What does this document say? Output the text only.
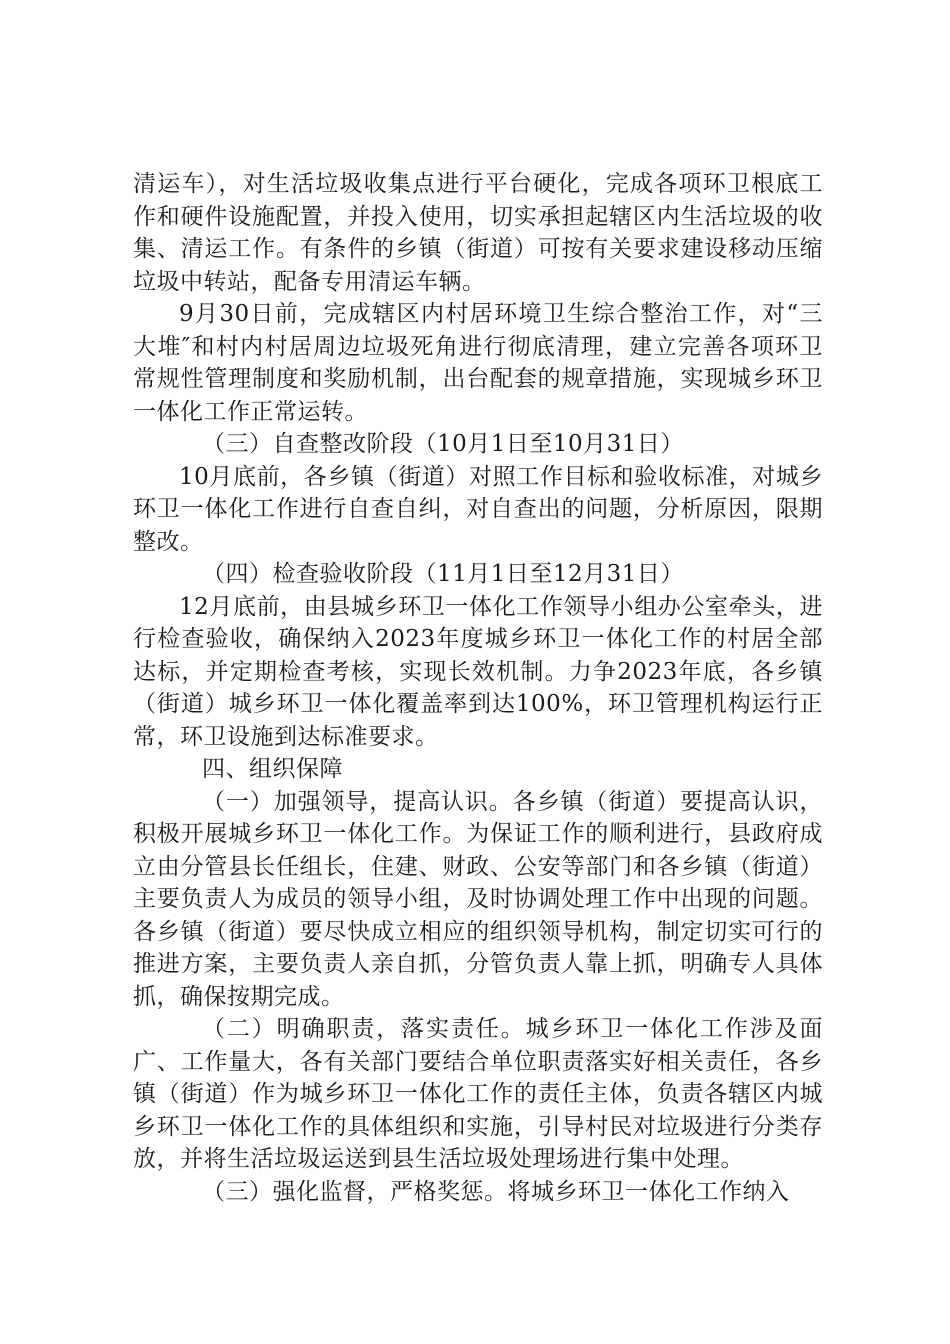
清运车），对生活垃圾收集点进行平台硬化，完成各项环卫根底工作和硬件设施配置，并投入使用，切实承担起辖区内生活垃圾的收集、清运工作。有条件的乡镇（街道）可按有关要求建设移动压缩垃圾中转站，配备专用清运车辆。

9月30日前，完成辖区内村居环境卫生综合整治工作，对“三大堆″和村内村居周边垃圾死角进行彻底清理，建立完善各项环卫常规性管理制度和奖励机制，出台配套的规章措施，实现城乡环卫一体化工作正常运转。

（三）自查整改阶段（10月1日至10月31日）

10月底前，各乡镇（街道）对照工作目标和验收标准，对城乡环卫一体化工作进行自查自纠，对自查出的问题，分析原因，限期整改。

（四）检查验收阶段（11月1日至12月31日）

12月底前，由县城乡环卫一体化工作领导小组办公室牵头，进行检查验收，确保纳入2023年度城乡环卫一体化工作的村居全部达标，并定期检查考核，实现长效机制。力争2023年底，各乡镇（街道）城乡环卫一体化覆盖率到达100%，环卫管理机构运行正常，环卫设施到达标准要求。

四、组织保障

（一）加强领导，提高认识。各乡镇（街道）要提高认识，积极开展城乡环卫一体化工作。为保证工作的顺利进行，县政府成立由分管县长任组长，住建、财政、公安等部门和各乡镇（街道）主要负责人为成员的领导小组，及时协调处理工作中出现的问题。各乡镇（街道）要尽快成立相应的组织领导机构，制定切实可行的推进方案，主要负责人亲自抓，分管负责人靠上抓，明确专人具体抓，确保按期完成。

（二）明确职责，落实责任。城乡环卫一体化工作涉及面广、工作量大，各有关部门要结合单位职责落实好相关责任，各乡镇（街道）作为城乡环卫一体化工作的责任主体，负责各辖区内城乡环卫一体化工作的具体组织和实施，引导村民对垃圾进行分类存放，并将生活垃圾运送到县生活垃圾处理场进行集中处理。

（三）强化监督，严格奖惩。将城乡环卫一体化工作纳入
